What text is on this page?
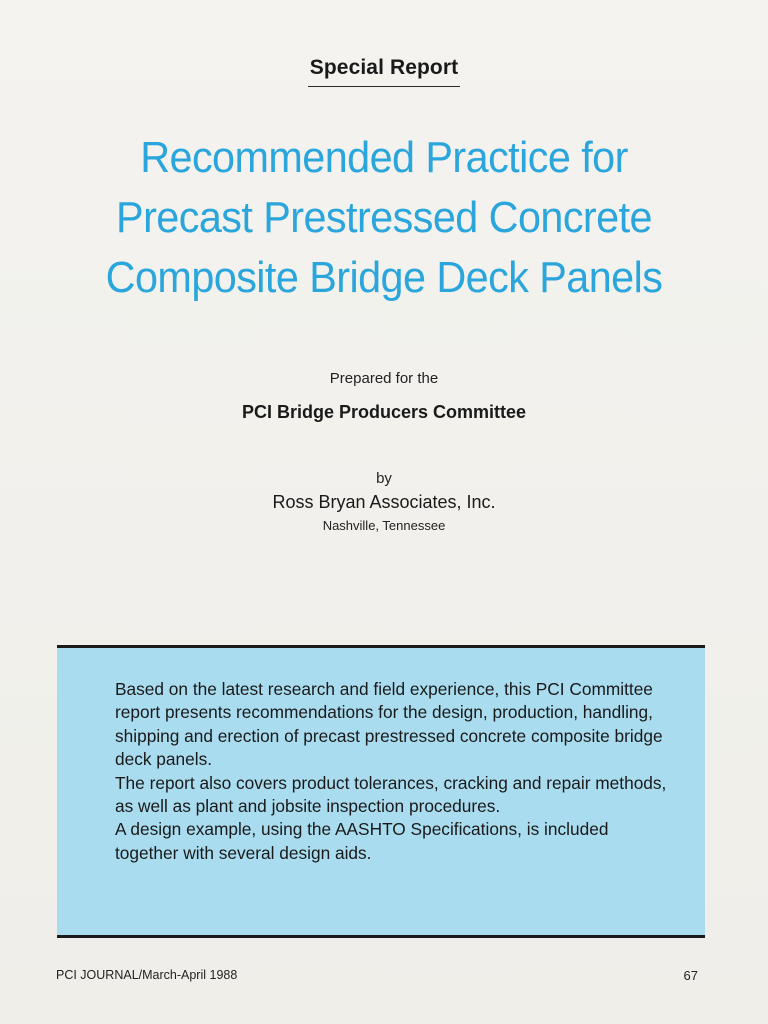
Special Report
Recommended Practice for
Precast Prestressed Concrete
Composite Bridge Deck Panels
Prepared for the
PCI Bridge Producers Committee
by
Ross Bryan Associates, Inc.
Nashville, Tennessee

Based on the latest research and field experience, this PCI Committee report presents recommendations for the design, production, handling, shipping and erection of precast prestressed concrete composite bridge deck panels.

The report also covers product tolerances, cracking and repair methods, as well as plant and jobsite inspection procedures.

A design example, using the AASHTO Specifications, is included together with several design aids.

PCI JOURNAL/March-April 1988	67
